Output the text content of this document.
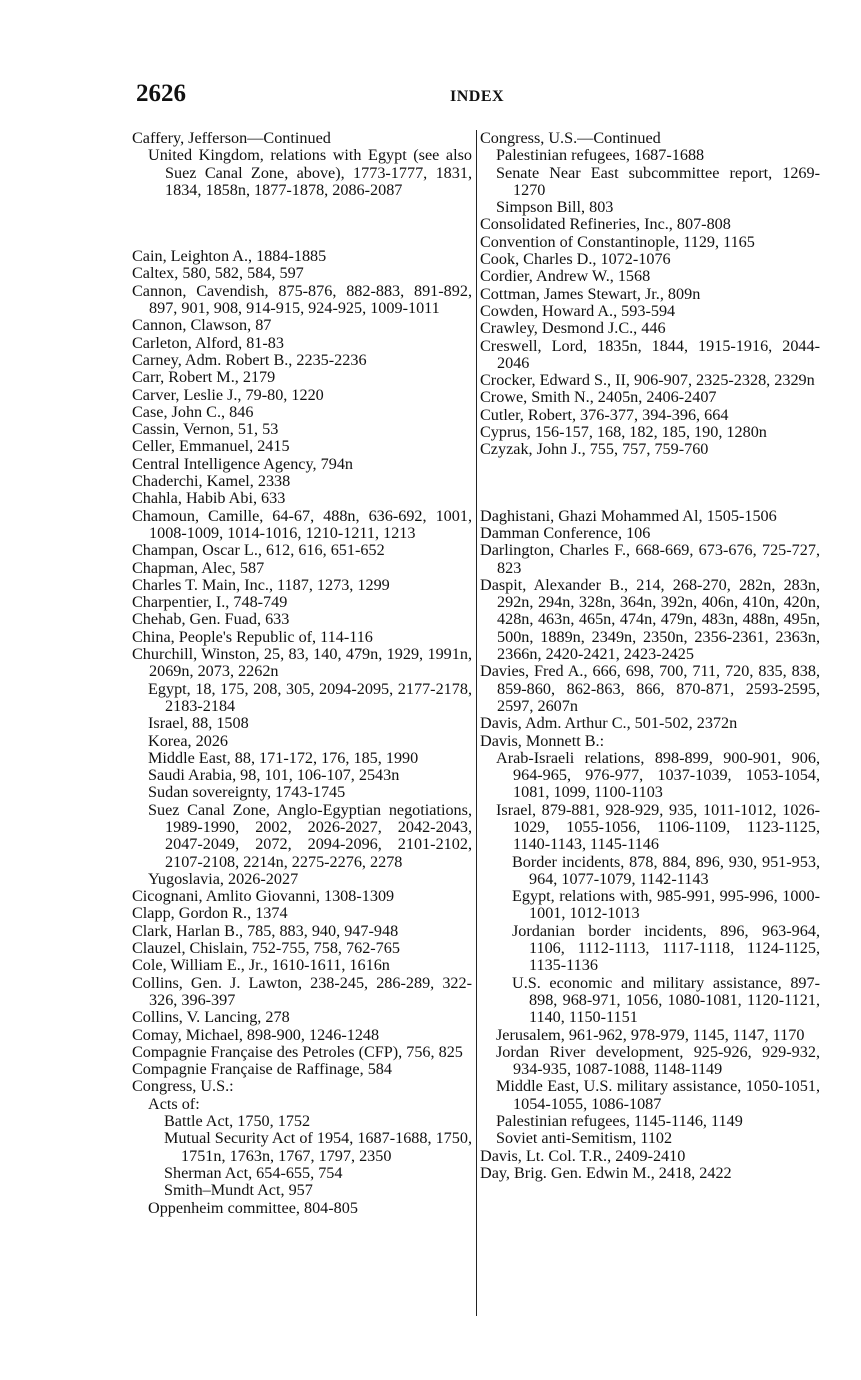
2626	INDEX

Caffery, Jefferson—Continued

United Kingdom, relations with Egypt (see also Suez Canal Zone, above), 1773-1777, 1831, 1834, 1858n, 1877-1878, 2086-2087

Cain, Leighton A., 1884-1885

Caltex, 580, 582, 584, 597

Cannon, Cavendish, 875-876, 882-883, 891-892, 897, 901, 908, 914-915, 924-925, 1009-1011

Cannon, Clawson, 87

Carleton, Alford, 81-83

Carney, Adm. Robert B., 2235-2236

Carr, Robert M., 2179

Carver, Leslie J., 79-80, 1220

Case, John C., 846

Cassin, Vernon, 51, 53

Celler, Emmanuel, 2415

Central Intelligence Agency, 794n

Chaderchi, Kamel, 2338

Chahla, Habib Abi, 633

Chamoun, Camille, 64-67, 488n, 636-692, 1001, 1008-1009, 1014-1016, 1210-1211, 1213

Champan, Oscar L., 612, 616, 651-652

Chapman, Alec, 587

Charles T. Main, Inc., 1187, 1273, 1299

Charpentier, I., 748-749

Chehab, Gen. Fuad, 633

China, People's Republic of, 114-116

Churchill, Winston, 25, 83, 140, 479n, 1929, 1991n, 2069n, 2073, 2262n

Egypt, 18, 175, 208, 305, 2094-2095, 2177-2178, 2183-2184

Israel, 88, 1508

Korea, 2026

Middle East, 88, 171-172, 176, 185, 1990

Saudi Arabia, 98, 101, 106-107, 2543n

Sudan sovereignty, 1743-1745

Suez Canal Zone, Anglo-Egyptian negotiations, 1989-1990, 2002, 2026-2027, 2042-2043, 2047-2049, 2072, 2094-2096, 2101-2102, 2107-2108, 2214n, 2275-2276, 2278

Yugoslavia, 2026-2027

Cicognani, Amlito Giovanni, 1308-1309

Clapp, Gordon R., 1374

Clark, Harlan B., 785, 883, 940, 947-948

Clauzel, Chislain, 752-755, 758, 762-765

Cole, William E., Jr., 1610-1611, 1616n

Collins, Gen. J. Lawton, 238-245, 286-289, 322-326, 396-397

Collins, V. Lancing, 278

Comay, Michael, 898-900, 1246-1248

Compagnie Française des Petroles (CFP), 756, 825

Compagnie Française de Raffinage, 584

Congress, U.S.:

Acts of:

Battle Act, 1750, 1752

Mutual Security Act of 1954, 1687-1688, 1750, 1751n, 1763n, 1767, 1797, 2350

Sherman Act, 654-655, 754

Smith–Mundt Act, 957

Oppenheim committee, 804-805

Congress, U.S.—Continued

Palestinian refugees, 1687-1688

Senate Near East subcommittee report, 1269-1270

Simpson Bill, 803

Consolidated Refineries, Inc., 807-808

Convention of Constantinople, 1129, 1165

Cook, Charles D., 1072-1076

Cordier, Andrew W., 1568

Cottman, James Stewart, Jr., 809n

Cowden, Howard A., 593-594

Crawley, Desmond J.C., 446

Creswell, Lord, 1835n, 1844, 1915-1916, 2044-2046

Crocker, Edward S., II, 906-907, 2325-2328, 2329n

Crowe, Smith N., 2405n, 2406-2407

Cutler, Robert, 376-377, 394-396, 664

Cyprus, 156-157, 168, 182, 185, 190, 1280n

Czyzak, John J., 755, 757, 759-760

Daghistani, Ghazi Mohammed Al, 1505-1506

Damman Conference, 106

Darlington, Charles F., 668-669, 673-676, 725-727, 823

Daspit, Alexander B., 214, 268-270, 282n, 283n, 292n, 294n, 328n, 364n, 392n, 406n, 410n, 420n, 428n, 463n, 465n, 474n, 479n, 483n, 488n, 495n, 500n, 1889n, 2349n, 2350n, 2356-2361, 2363n, 2366n, 2420-2421, 2423-2425

Davies, Fred A., 666, 698, 700, 711, 720, 835, 838, 859-860, 862-863, 866, 870-871, 2593-2595, 2597, 2607n

Davis, Adm. Arthur C., 501-502, 2372n

Davis, Monnett B.:

Arab-Israeli relations, 898-899, 900-901, 906, 964-965, 976-977, 1037-1039, 1053-1054, 1081, 1099, 1100-1103

Israel, 879-881, 928-929, 935, 1011-1012, 1026-1029, 1055-1056, 1106-1109, 1123-1125, 1140-1143, 1145-1146

Border incidents, 878, 884, 896, 930, 951-953, 964, 1077-1079, 1142-1143

Egypt, relations with, 985-991, 995-996, 1000-1001, 1012-1013

Jordanian border incidents, 896, 963-964, 1106, 1112-1113, 1117-1118, 1124-1125, 1135-1136

U.S. economic and military assistance, 897-898, 968-971, 1056, 1080-1081, 1120-1121, 1140, 1150-1151

Jerusalem, 961-962, 978-979, 1145, 1147, 1170

Jordan River development, 925-926, 929-932, 934-935, 1087-1088, 1148-1149

Middle East, U.S. military assistance, 1050-1051, 1054-1055, 1086-1087

Palestinian refugees, 1145-1146, 1149

Soviet anti-Semitism, 1102

Davis, Lt. Col. T.R., 2409-2410

Day, Brig. Gen. Edwin M., 2418, 2422
